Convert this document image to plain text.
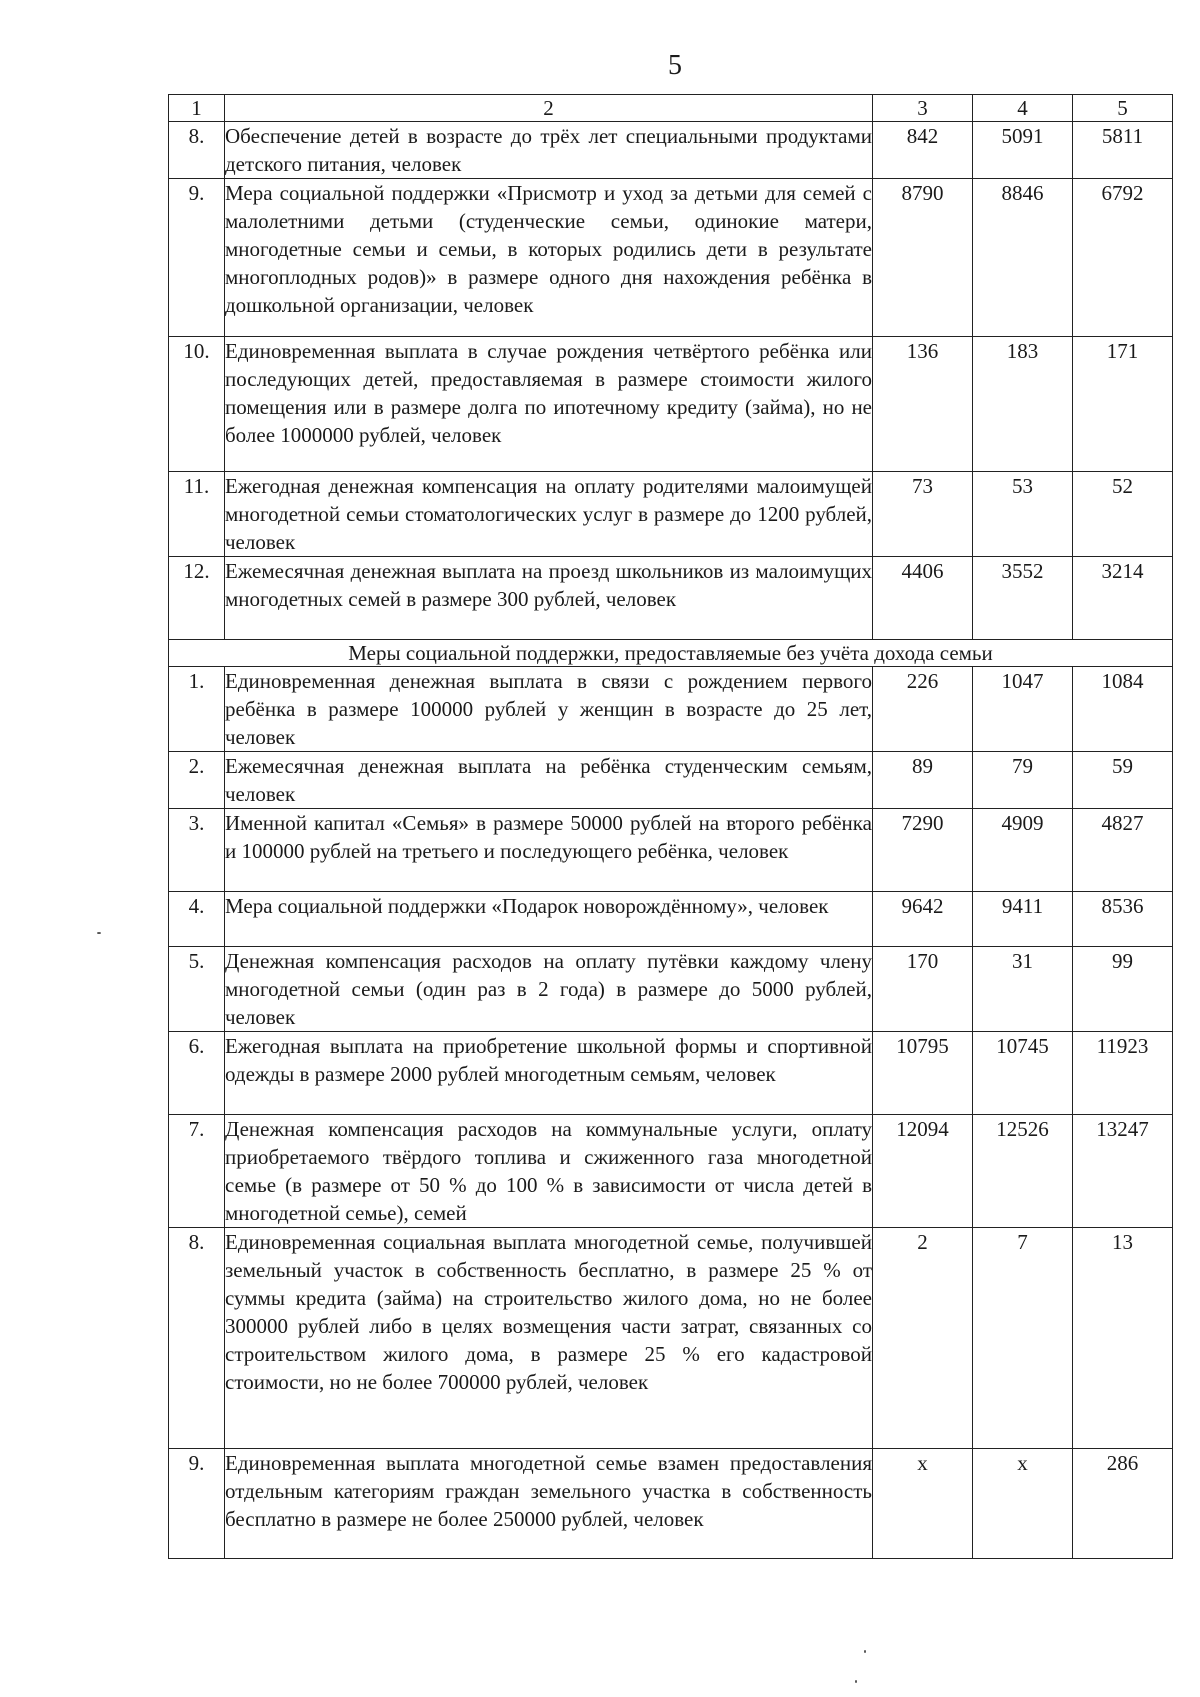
5
1	2	3	4	5
8.	Обеспечение детей в возрасте до трёх лет специальными продуктами детского питания, человек	842	5091	5811
9.	Мера социальной поддержки «Присмотр и уход за детьми для семей с малолетними детьми (студенческие семьи, одинокие матери, многодетные семьи и семьи, в которых родились дети в результате многоплодных родов)» в размере одного дня нахождения ребёнка в дошкольной организации, человек	8790	8846	6792
10.	Единовременная выплата в случае рождения четвёртого ребёнка или последующих детей, предоставляемая в размере стоимости жилого помещения или в размере долга по ипотечному кредиту (займа), но не более 1000000 рублей, человек	136	183	171
11.	Ежегодная денежная компенсация на оплату родителями малоимущей многодетной семьи стоматологических услуг в размере до 1200 рублей, человек	73	53	52
12.	Ежемесячная денежная выплата на проезд школьников из малоимущих многодетных семей в размере 300 рублей, человек	4406	3552	3214
Меры социальной поддержки, предоставляемые без учёта дохода семьи				
1.	Единовременная денежная выплата в связи с рождением первого ребёнка в размере 100000 рублей у женщин в возрасте до 25 лет, человек	226	1047	1084
2.	Ежемесячная денежная выплата на ребёнка студенческим семьям, человек	89	79	59
3.	Именной капитал «Семья» в размере 50000 рублей на второго ребёнка и 100000 рублей на третьего и последующего ребёнка, человек	7290	4909	4827
4.	Мера социальной поддержки «Подарок новорождённому», человек	9642	9411	8536
5.	Денежная компенсация расходов на оплату путёвки каждому члену многодетной семьи (один раз в 2 года) в размере до 5000 рублей, человек	170	31	99
6.	Ежегодная выплата на приобретение школьной формы и спортивной одежды в размере 2000 рублей многодетным семьям, человек	10795	10745	11923
7.	Денежная компенсация расходов на коммунальные услуги, оплату приобретаемого твёрдого топлива и сжиженного газа многодетной семье (в размере от 50 % до 100 % в зависимости от числа детей в многодетной семье), семей	12094	12526	13247
8.	Единовременная социальная выплата многодетной семье, получившей земельный участок в собственность бесплатно, в размере 25 % от суммы кредита (займа) на строительство жилого дома, но не более 300000 рублей либо в целях возмещения части затрат, связанных со строительством жилого дома, в размере 25 % его кадастровой стоимости, но не более 700000 рублей, человек	2	7	13
9.	Единовременная выплата многодетной семье взамен предоставления отдельным категориям граждан земельного участка в собственность бесплатно в размере не более 250000 рублей, человек	х	х	286
